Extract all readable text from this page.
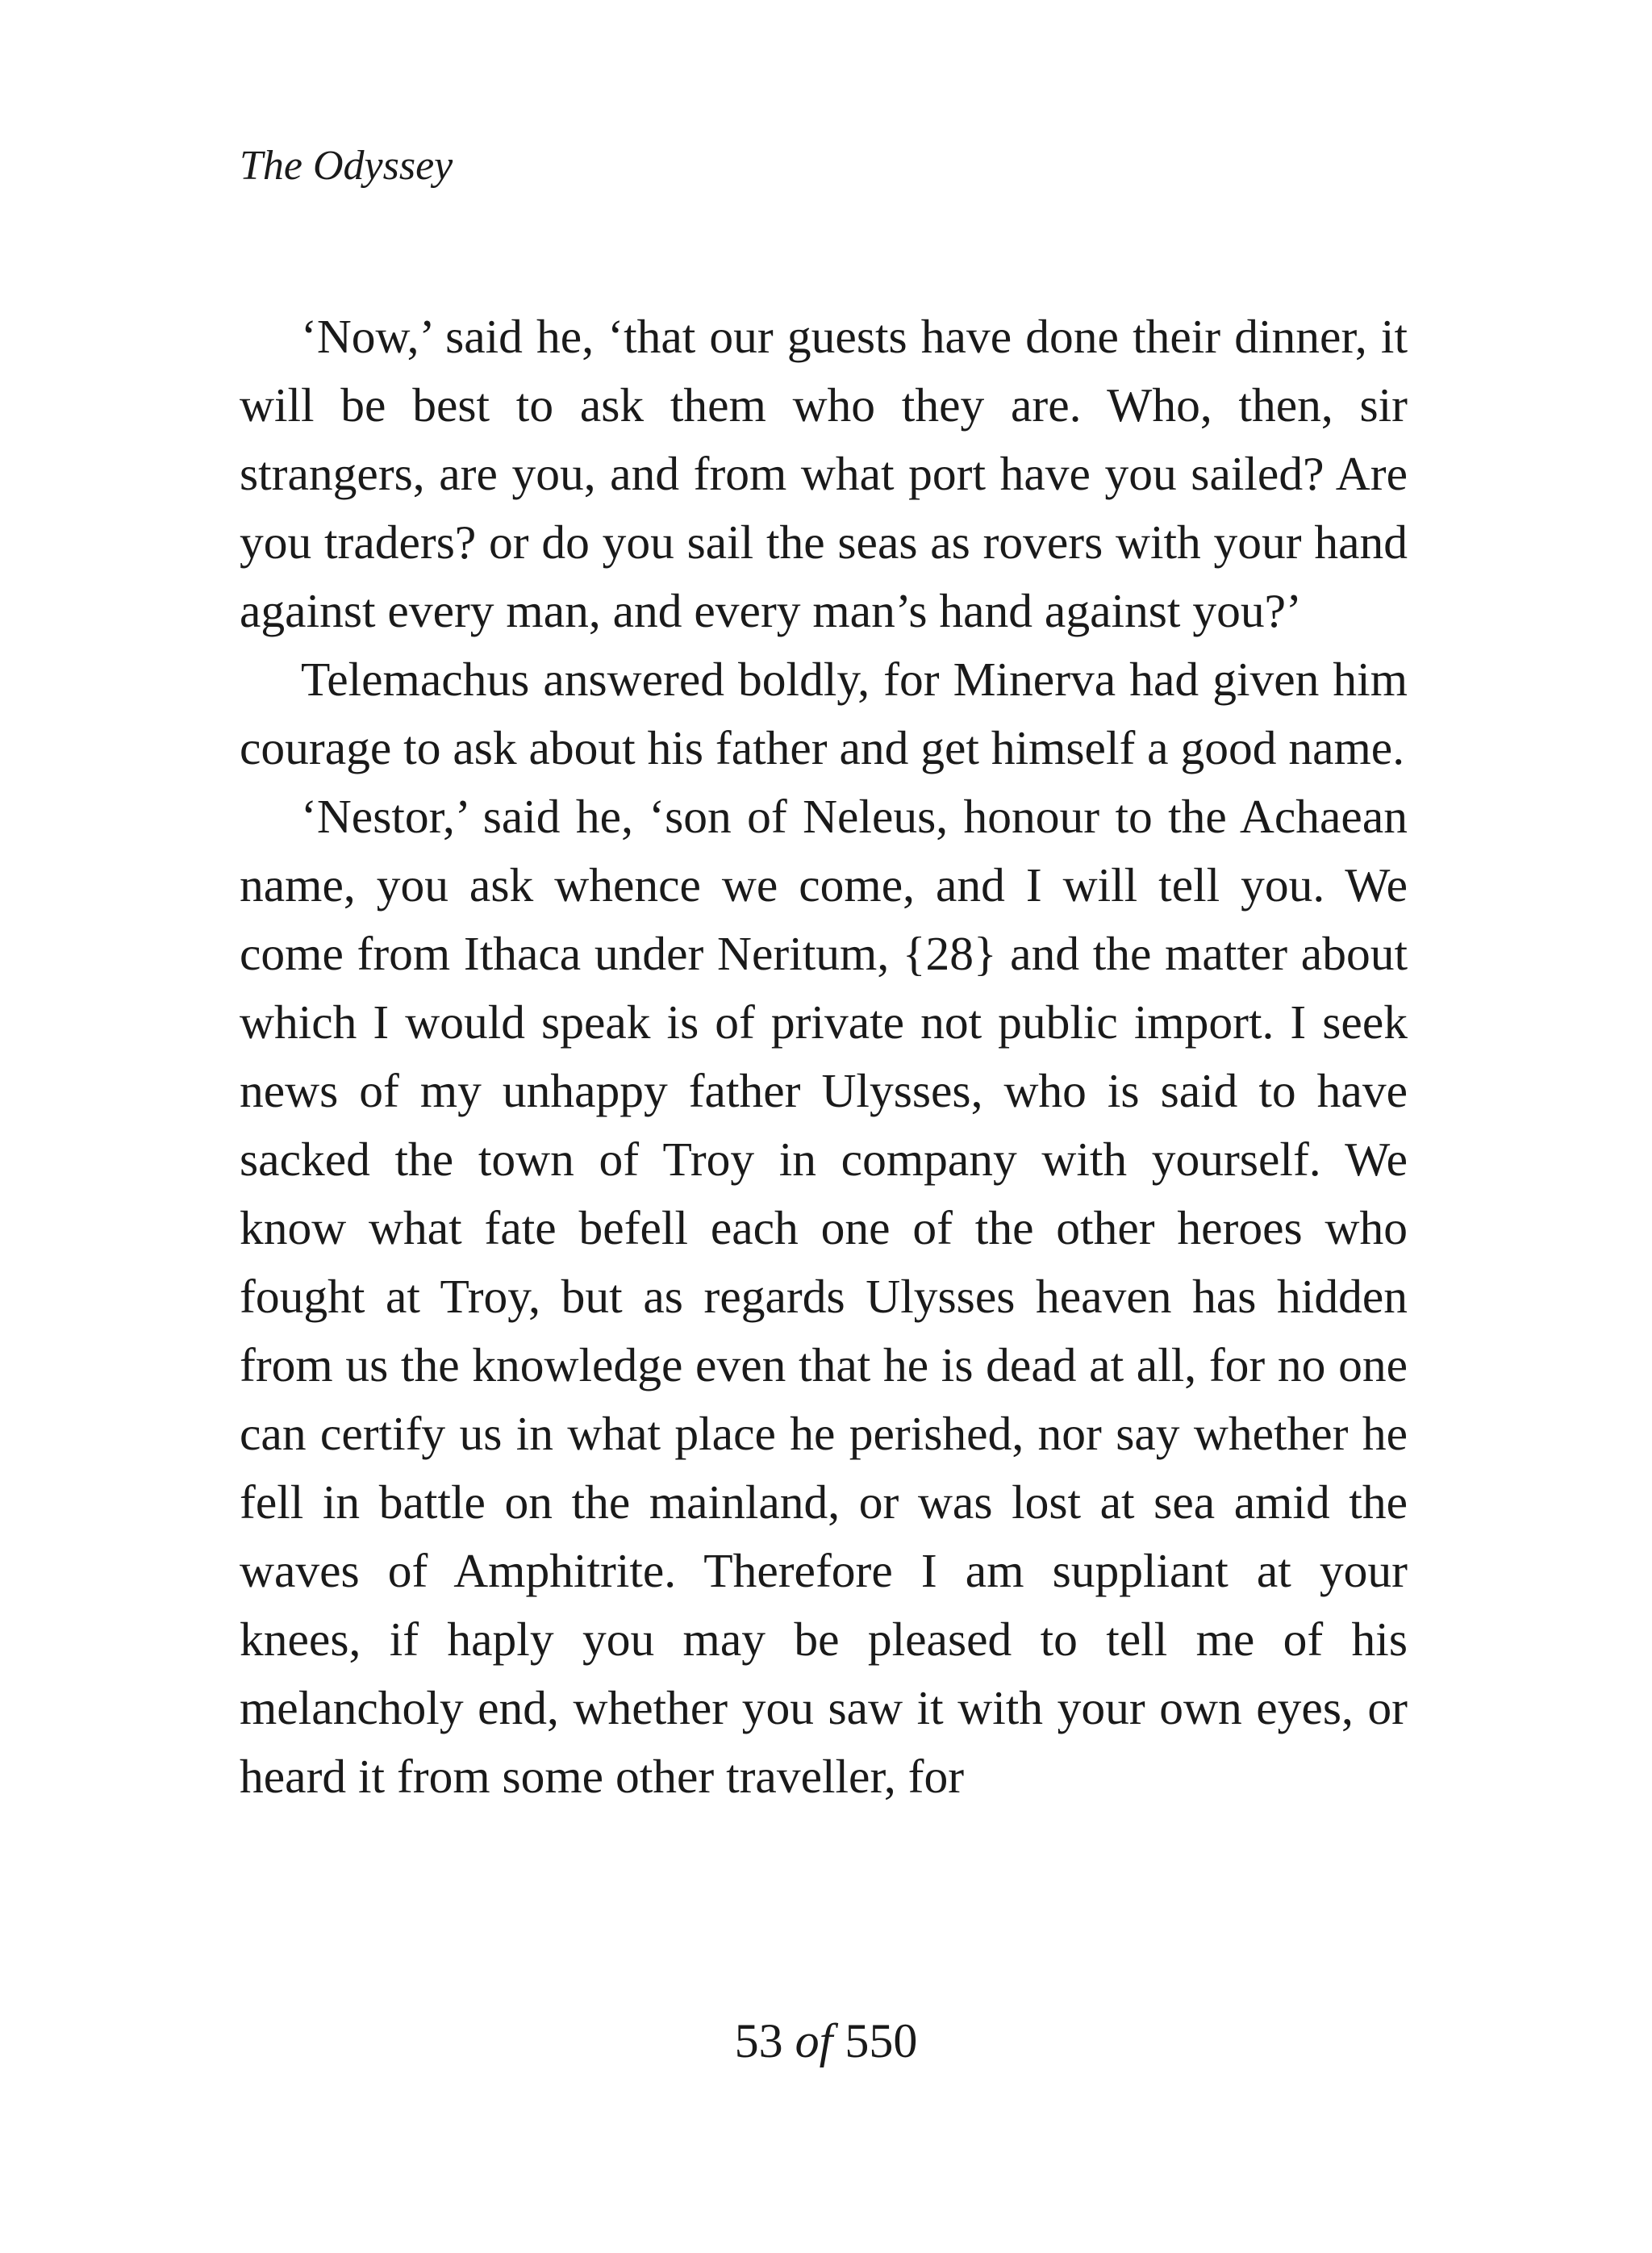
The Odyssey

‘Now,’ said he, ‘that our guests have done their dinner, it will be best to ask them who they are. Who, then, sir strangers, are you, and from what port have you sailed? Are you traders? or do you sail the seas as rovers with your hand against every man, and every man’s hand against you?’

Telemachus answered boldly, for Minerva had given him courage to ask about his father and get himself a good name.

‘Nestor,’ said he, ‘son of Neleus, honour to the Achaean name, you ask whence we come, and I will tell you. We come from Ithaca under Neritum, {28} and the matter about which I would speak is of private not public import. I seek news of my unhappy father Ulysses, who is said to have sacked the town of Troy in company with yourself. We know what fate befell each one of the other heroes who fought at Troy, but as regards Ulysses heaven has hidden from us the knowledge even that he is dead at all, for no one can certify us in what place he perished, nor say whether he fell in battle on the mainland, or was lost at sea amid the waves of Amphitrite. Therefore I am suppliant at your knees, if haply you may be pleased to tell me of his melancholy end, whether you saw it with your own eyes, or heard it from some other traveller, for

53 of 550
